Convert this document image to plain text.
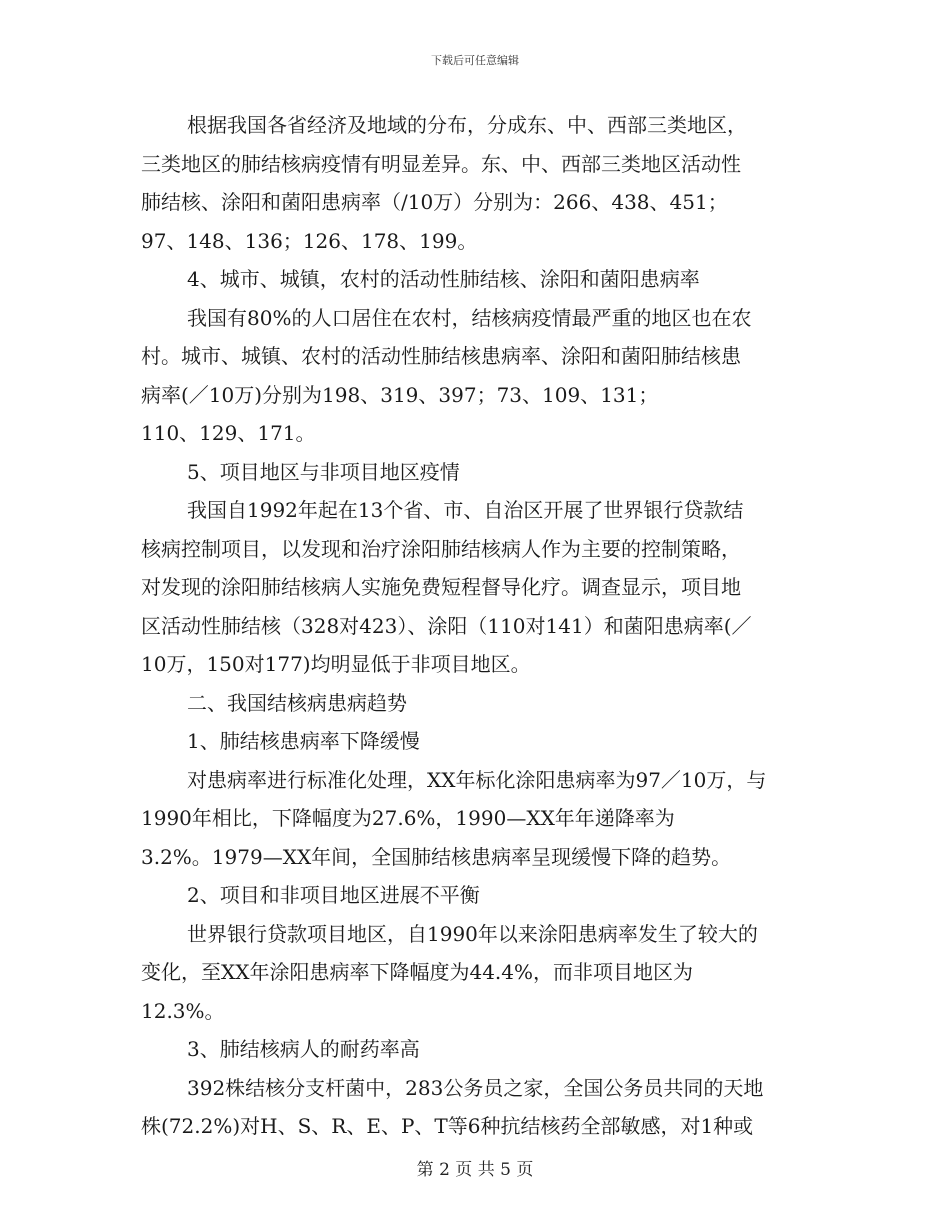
下载后可任意编辑

根据我国各省经济及地域的分布，分成东、中、西部三类地区，
三类地区的肺结核病疫情有明显差异。东、中、西部三类地区活动性
肺结核、涂阳和菌阳患病率（/10万）分别为：266、438、451；
97、148、136；126、178、199。

4、城市、城镇，农村的活动性肺结核、涂阳和菌阳患病率

我国有80%的人口居住在农村，结核病疫情最严重的地区也在农
村。城市、城镇、农村的活动性肺结核患病率、涂阳和菌阳肺结核患
病率(／10万)分别为198、319、397；73、109、131；
110、129、171。

5、项目地区与非项目地区疫情

我国自1992年起在13个省、市、自治区开展了世界银行贷款结
核病控制项目，以发现和治疗涂阳肺结核病人作为主要的控制策略，
对发现的涂阳肺结核病人实施免费短程督导化疗。调查显示，项目地
区活动性肺结核（328对423）、涂阳（110对141）和菌阳患病率(／
10万，150对177)均明显低于非项目地区。

二、我国结核病患病趋势

1、肺结核患病率下降缓慢

对患病率进行标准化处理，XX年标化涂阳患病率为97／10万，与
1990年相比，下降幅度为27.6%，1990—XX年年递降率为
3.2%。1979—XX年间，全国肺结核患病率呈现缓慢下降的趋势。

2、项目和非项目地区进展不平衡

世界银行贷款项目地区，自1990年以来涂阳患病率发生了较大的
变化，至XX年涂阳患病率下降幅度为44.4%，而非项目地区为
12.3%。

3、肺结核病人的耐药率高

392株结核分支杆菌中，283公务员之家，全国公务员共同的天地
株(72.2%)对H、S、R、E、P、T等6种抗结核药全部敏感，对1种或

第 2 页 共 5 页
